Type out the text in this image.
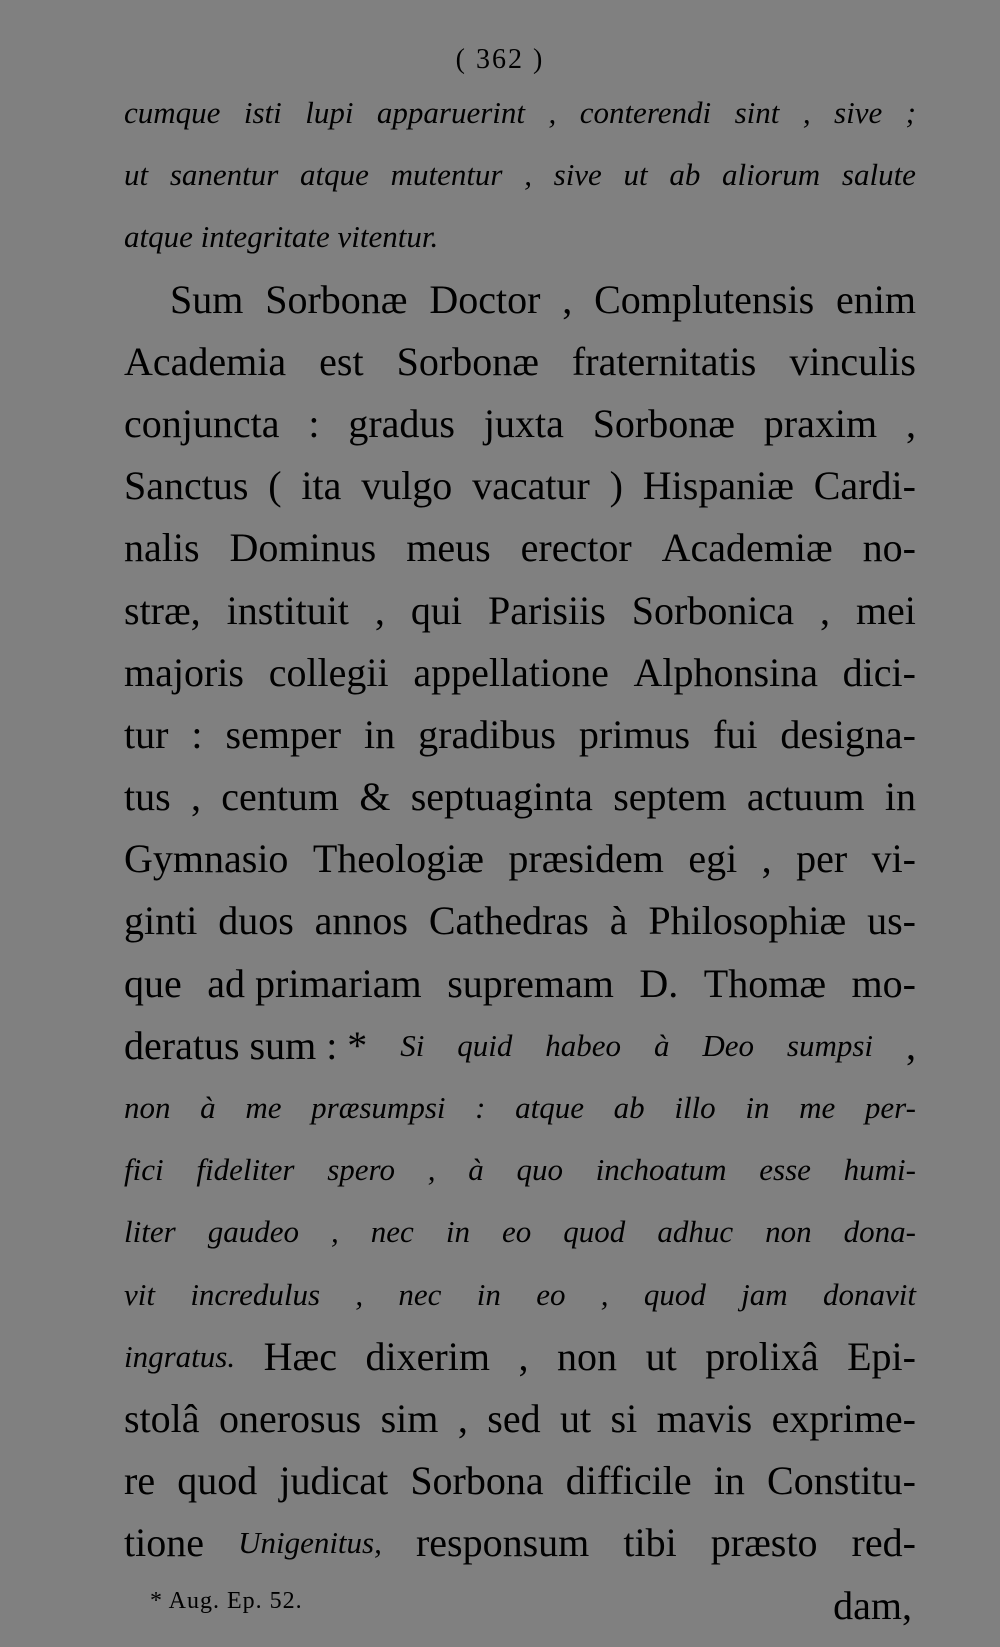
( 362 )
cumque isti lupi apparuerint , conterendi sint , sive ;
ut sanentur atque mutentur , sive ut ab aliorum salute
atque integritate vitentur.
Sum Sorbonæ Doctor , Complutensis enim
Academia est Sorbonæ fraternitatis vinculis
conjuncta : gradus juxta Sorbonæ praxim ,
Sanctus ( ita vulgo vacatur ) Hispaniæ Cardi-
nalis Dominus meus erector Academiæ no-
stræ, instituit , qui Parisiis Sorbonica , mei
majoris collegii appellatione Alphonsina dici-
tur : semper in gradibus primus fui designa-
tus , centum & septuaginta septem actuum in
Gymnasio Theologiæ præsidem egi , per vi-
ginti duos annos Cathedras à Philosophiæ us-
que ad primariam supremam D. Thomæ mo-
deratus sum : * Si quid habeo à Deo sumpsi ,
non à me præsumpsi : atque ab illo in me per-
fici fideliter spero , à quo inchoatum esse humi-
liter gaudeo , nec in eo quod adhuc non dona-
vit incredulus , nec in eo , quod jam donavit
ingratus. Hæc dixerim , non ut prolixâ Epi-
stolâ onerosus sim , sed ut si mavis exprime-
re quod judicat Sorbona difficile in Constitu-
tione Unigenitus, responsum tibi præsto red-
dam,
* Aug. Ep. 52.
